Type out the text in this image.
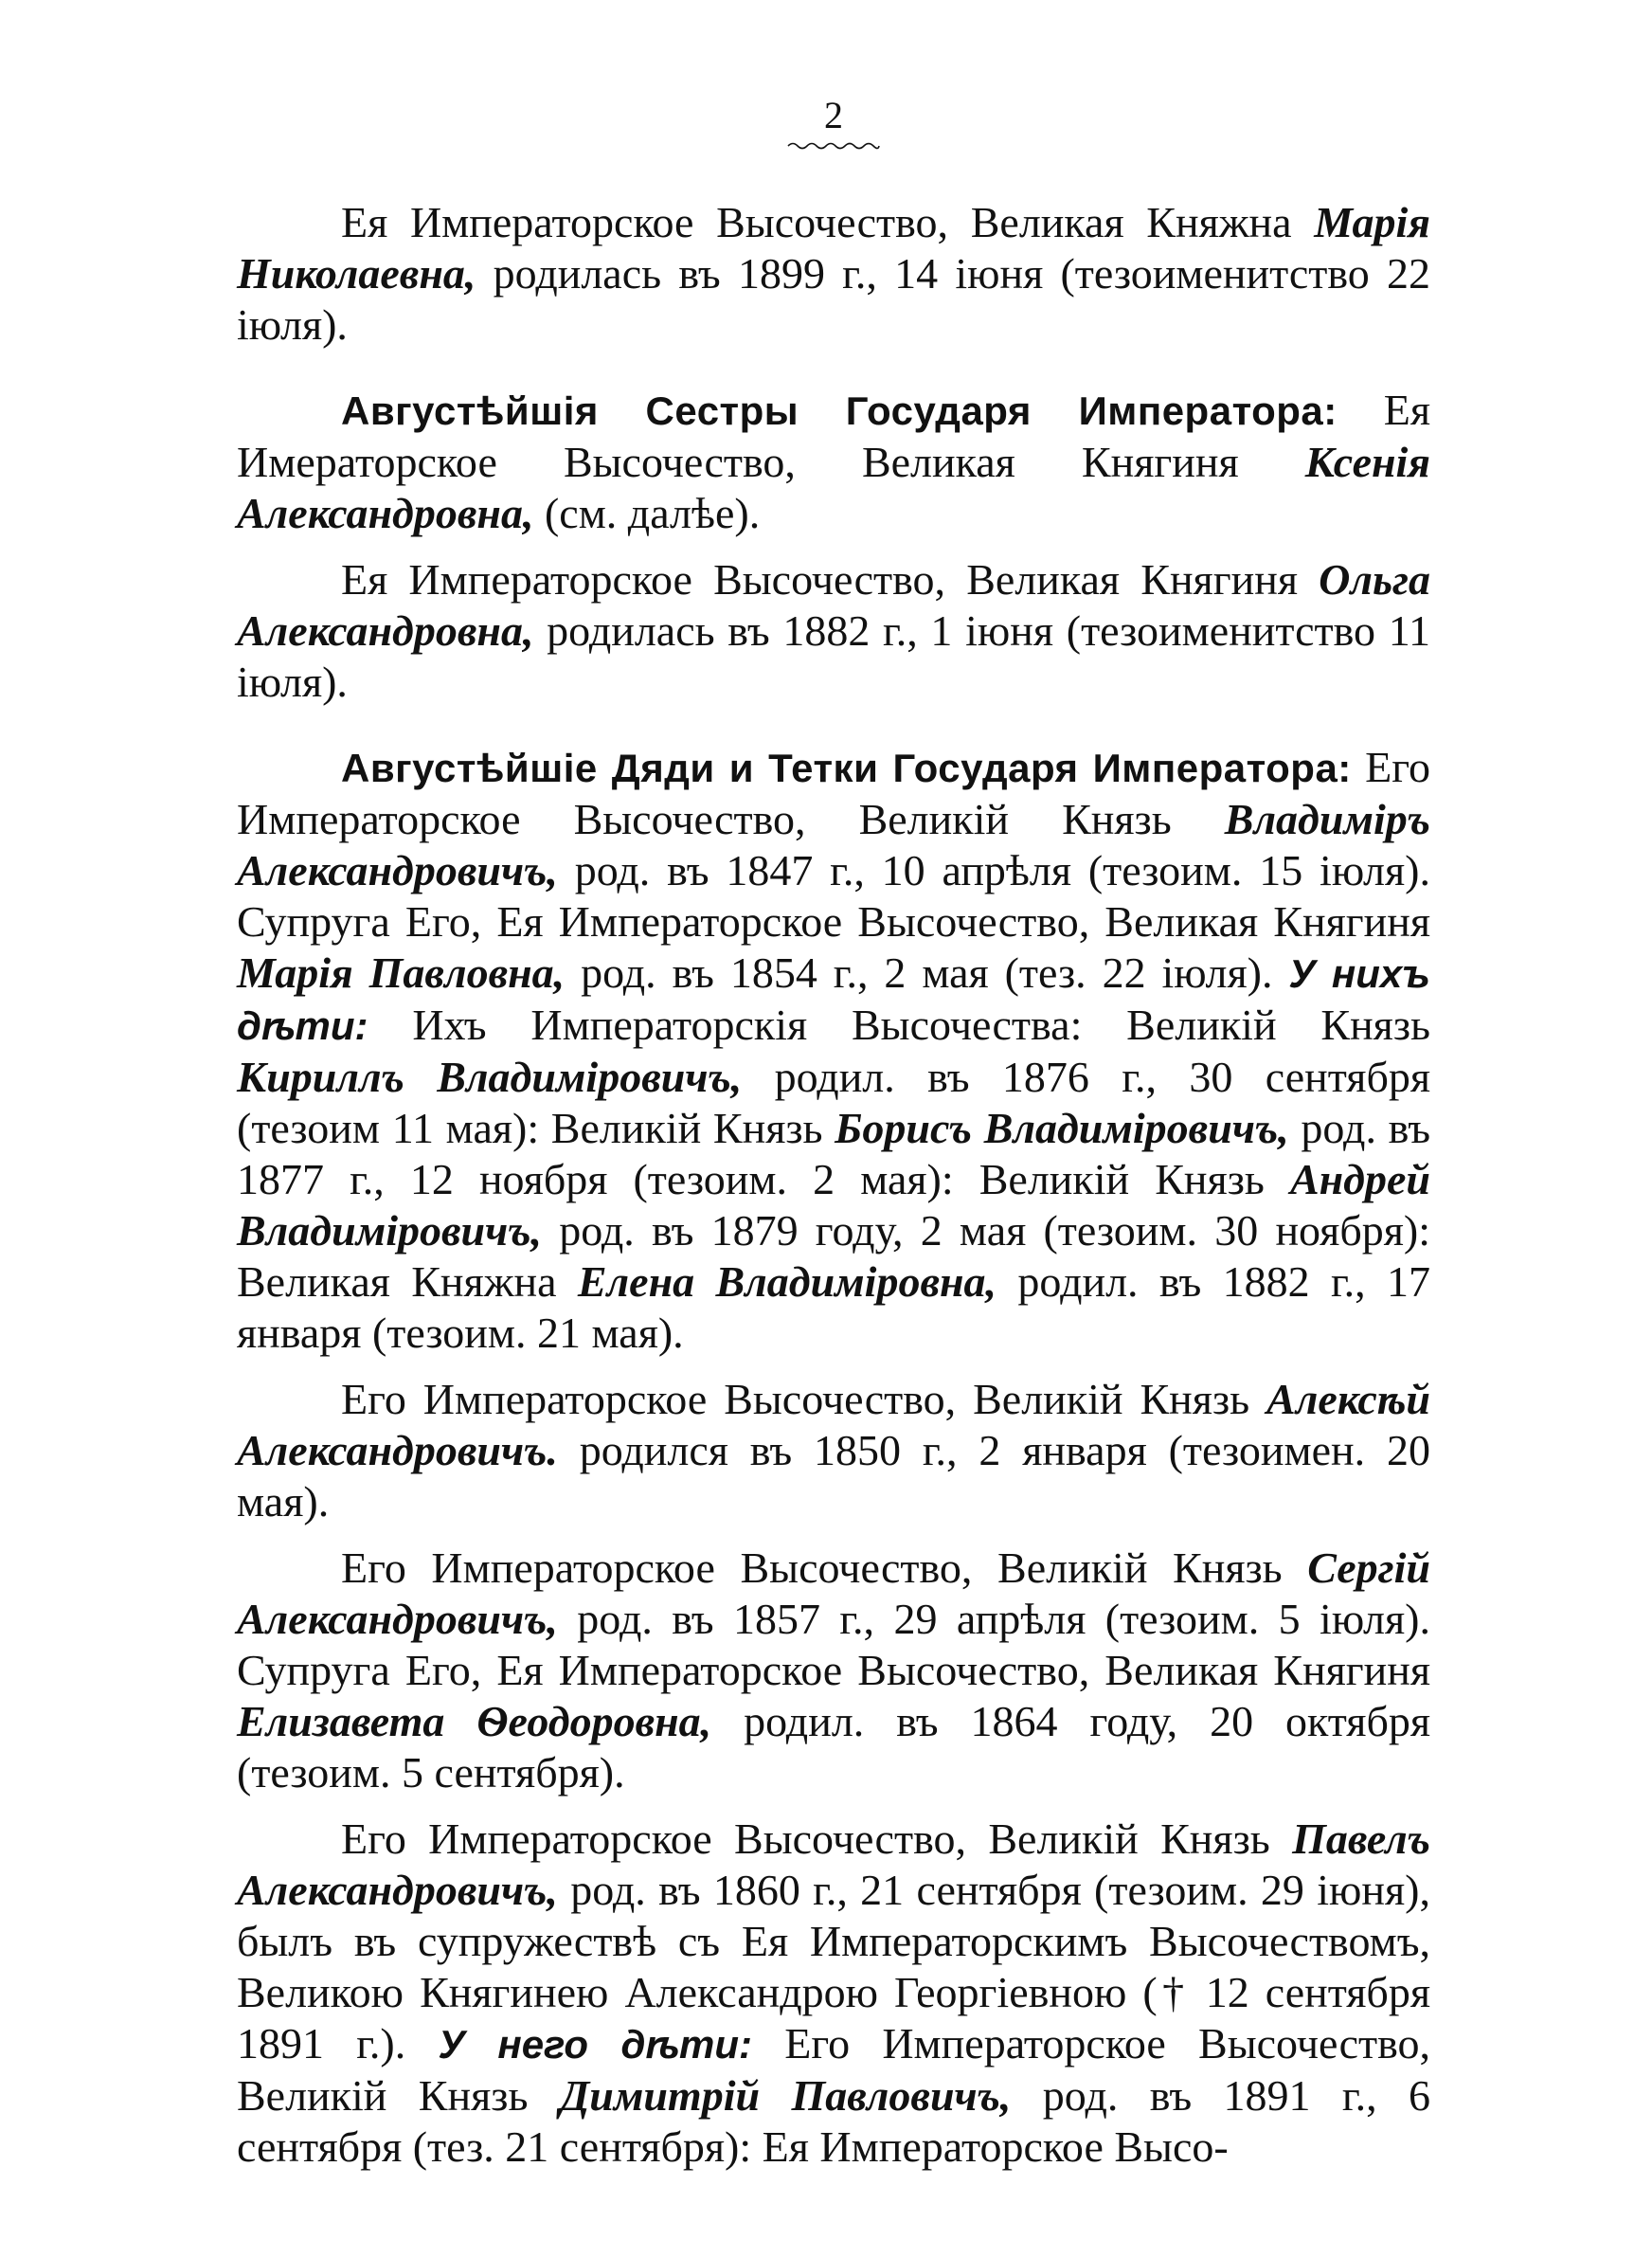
2

Ея Императорское Высочество, Великая Княжна Марія Николаевна, родилась въ 1899 г., 14 іюня (тезоименитство 22 іюля).

Августѣйшія Сестры Государя Императора: Ея Имераторское Высочество, Великая Княгиня Ксенія Александровна, (см. далѣе).

Ея Императорское Высочество, Великая Княгиня Ольга Александровна, родилась въ 1882 г., 1 іюня (тезоименитство 11 іюля).

Августѣйшіе Дяди и Тетки Государя Императора: Его Императорское Высочество, Великій Князь Владиміръ Александровичъ, род. въ 1847 г., 10 апрѣля (тезоим. 15 іюля). Супруга Его, Ея Императорское Высочество, Великая Княгиня Марія Павловна, род. въ 1854 г., 2 мая (тез. 22 іюля). У нихъ дѣти: Ихъ Императорскія Высочества: Великій Князь Кириллъ Владиміровичъ, родил. въ 1876 г., 30 сентября (тезоим 11 мая): Великій Князь Борисъ Владиміровичъ, род. въ 1877 г., 12 ноября (тезоим. 2 мая): Великій Князь Андрей Владиміровичъ, род. въ 1879 году, 2 мая (тезоим. 30 ноября): Великая Княжна Елена Владиміровна, родил. въ 1882 г., 17 января (тезоим. 21 мая).

Его Императорское Высочество, Великій Князь Алексѣй Александровичъ. родился въ 1850 г., 2 января (тезоимен. 20 мая).

Его Императорское Высочество, Великій Князь Сергій Александровичъ, род. въ 1857 г., 29 апрѣля (тезоим. 5 іюля). Супруга Его, Ея Императорское Высочество, Великая Княгиня Елизавета Ѳеодоровна, родил. въ 1864 году, 20 октября (тезоим. 5 сентября).

Его Императорское Высочество, Великій Князь Павелъ Александровичъ, род. въ 1860 г., 21 сентября (тезоим. 29 іюня), былъ въ супружествѣ съ Ея Императорскимъ Высочествомъ, Великою Княгинею Александрою Георгіевною († 12 сентября 1891 г.). У него дѣти: Его Императорское Высочество, Великій Князь Димитрій Павловичъ, род. въ 1891 г., 6 сентября (тез. 21 сентября): Ея Императорское Высо-
